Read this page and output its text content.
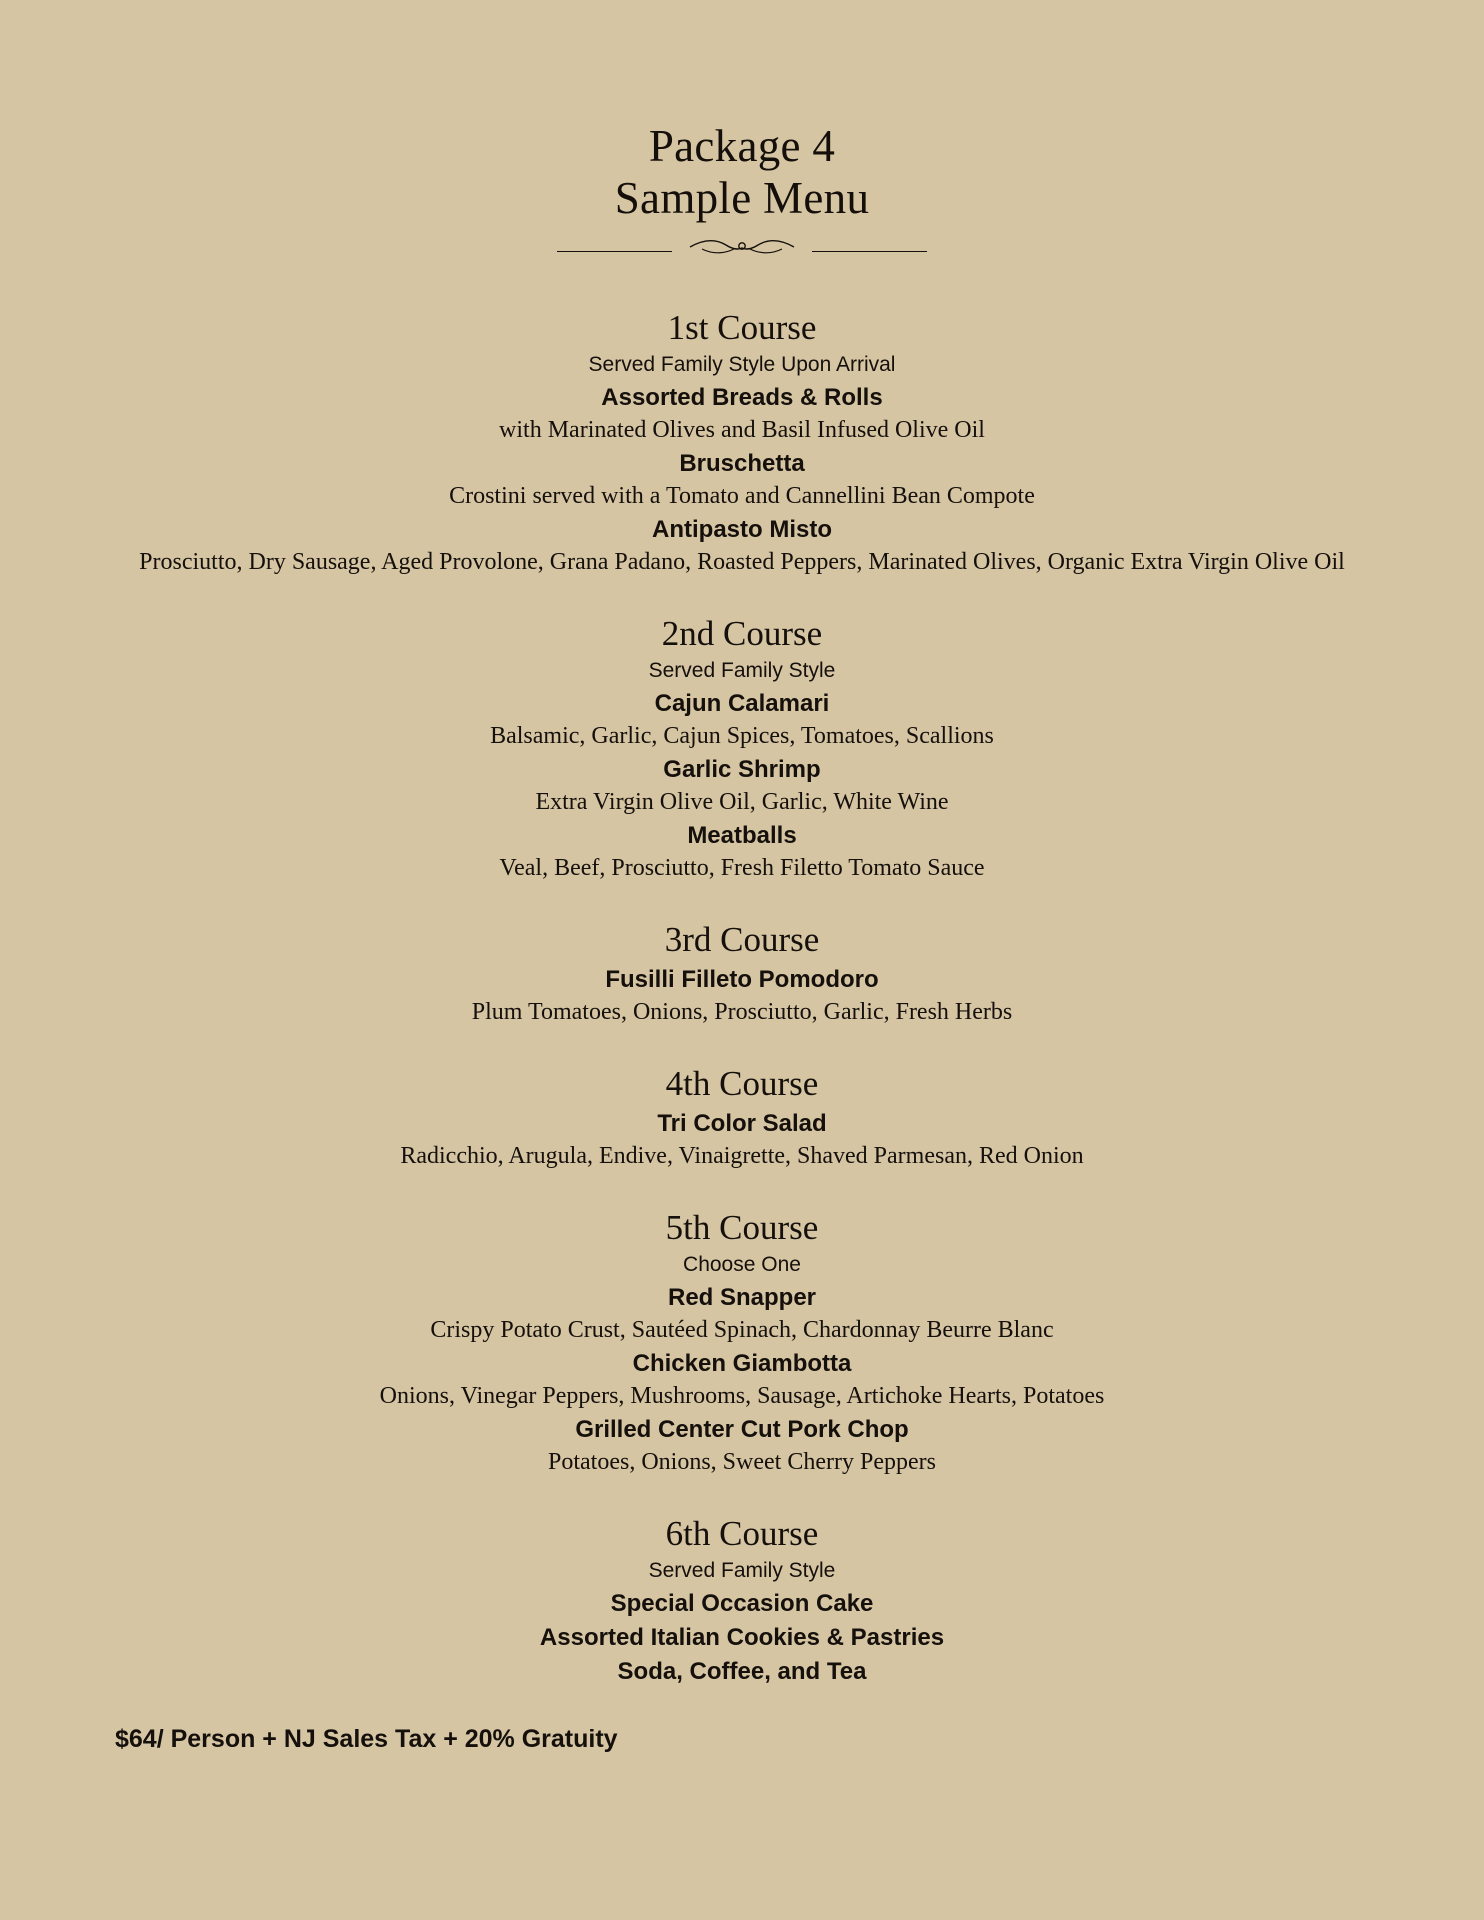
Package 4
Sample Menu
1st Course
Served Family Style Upon Arrival
Assorted Breads & Rolls
with Marinated Olives and Basil Infused Olive Oil
Bruschetta
Crostini served with a Tomato and Cannellini Bean Compote
Antipasto Misto
Prosciutto, Dry Sausage, Aged Provolone, Grana Padano, Roasted Peppers, Marinated Olives, Organic Extra Virgin Olive Oil
2nd Course
Served Family Style
Cajun Calamari
Balsamic, Garlic, Cajun Spices, Tomatoes, Scallions
Garlic Shrimp
Extra Virgin Olive Oil, Garlic, White Wine
Meatballs
Veal, Beef, Prosciutto, Fresh Filetto Tomato Sauce
3rd Course
Fusilli Filleto Pomodoro
Plum Tomatoes, Onions, Prosciutto, Garlic, Fresh Herbs
4th Course
Tri Color Salad
Radicchio, Arugula, Endive, Vinaigrette, Shaved Parmesan, Red Onion
5th Course
Choose One
Red Snapper
Crispy Potato Crust, Sautéed Spinach, Chardonnay Beurre Blanc
Chicken Giambotta
Onions, Vinegar Peppers, Mushrooms, Sausage, Artichoke Hearts, Potatoes
Grilled Center Cut Pork Chop
Potatoes, Onions, Sweet Cherry Peppers
6th Course
Served Family Style
Special Occasion Cake
Assorted Italian Cookies & Pastries
Soda, Coffee, and Tea
$64/ Person + NJ Sales Tax + 20% Gratuity
